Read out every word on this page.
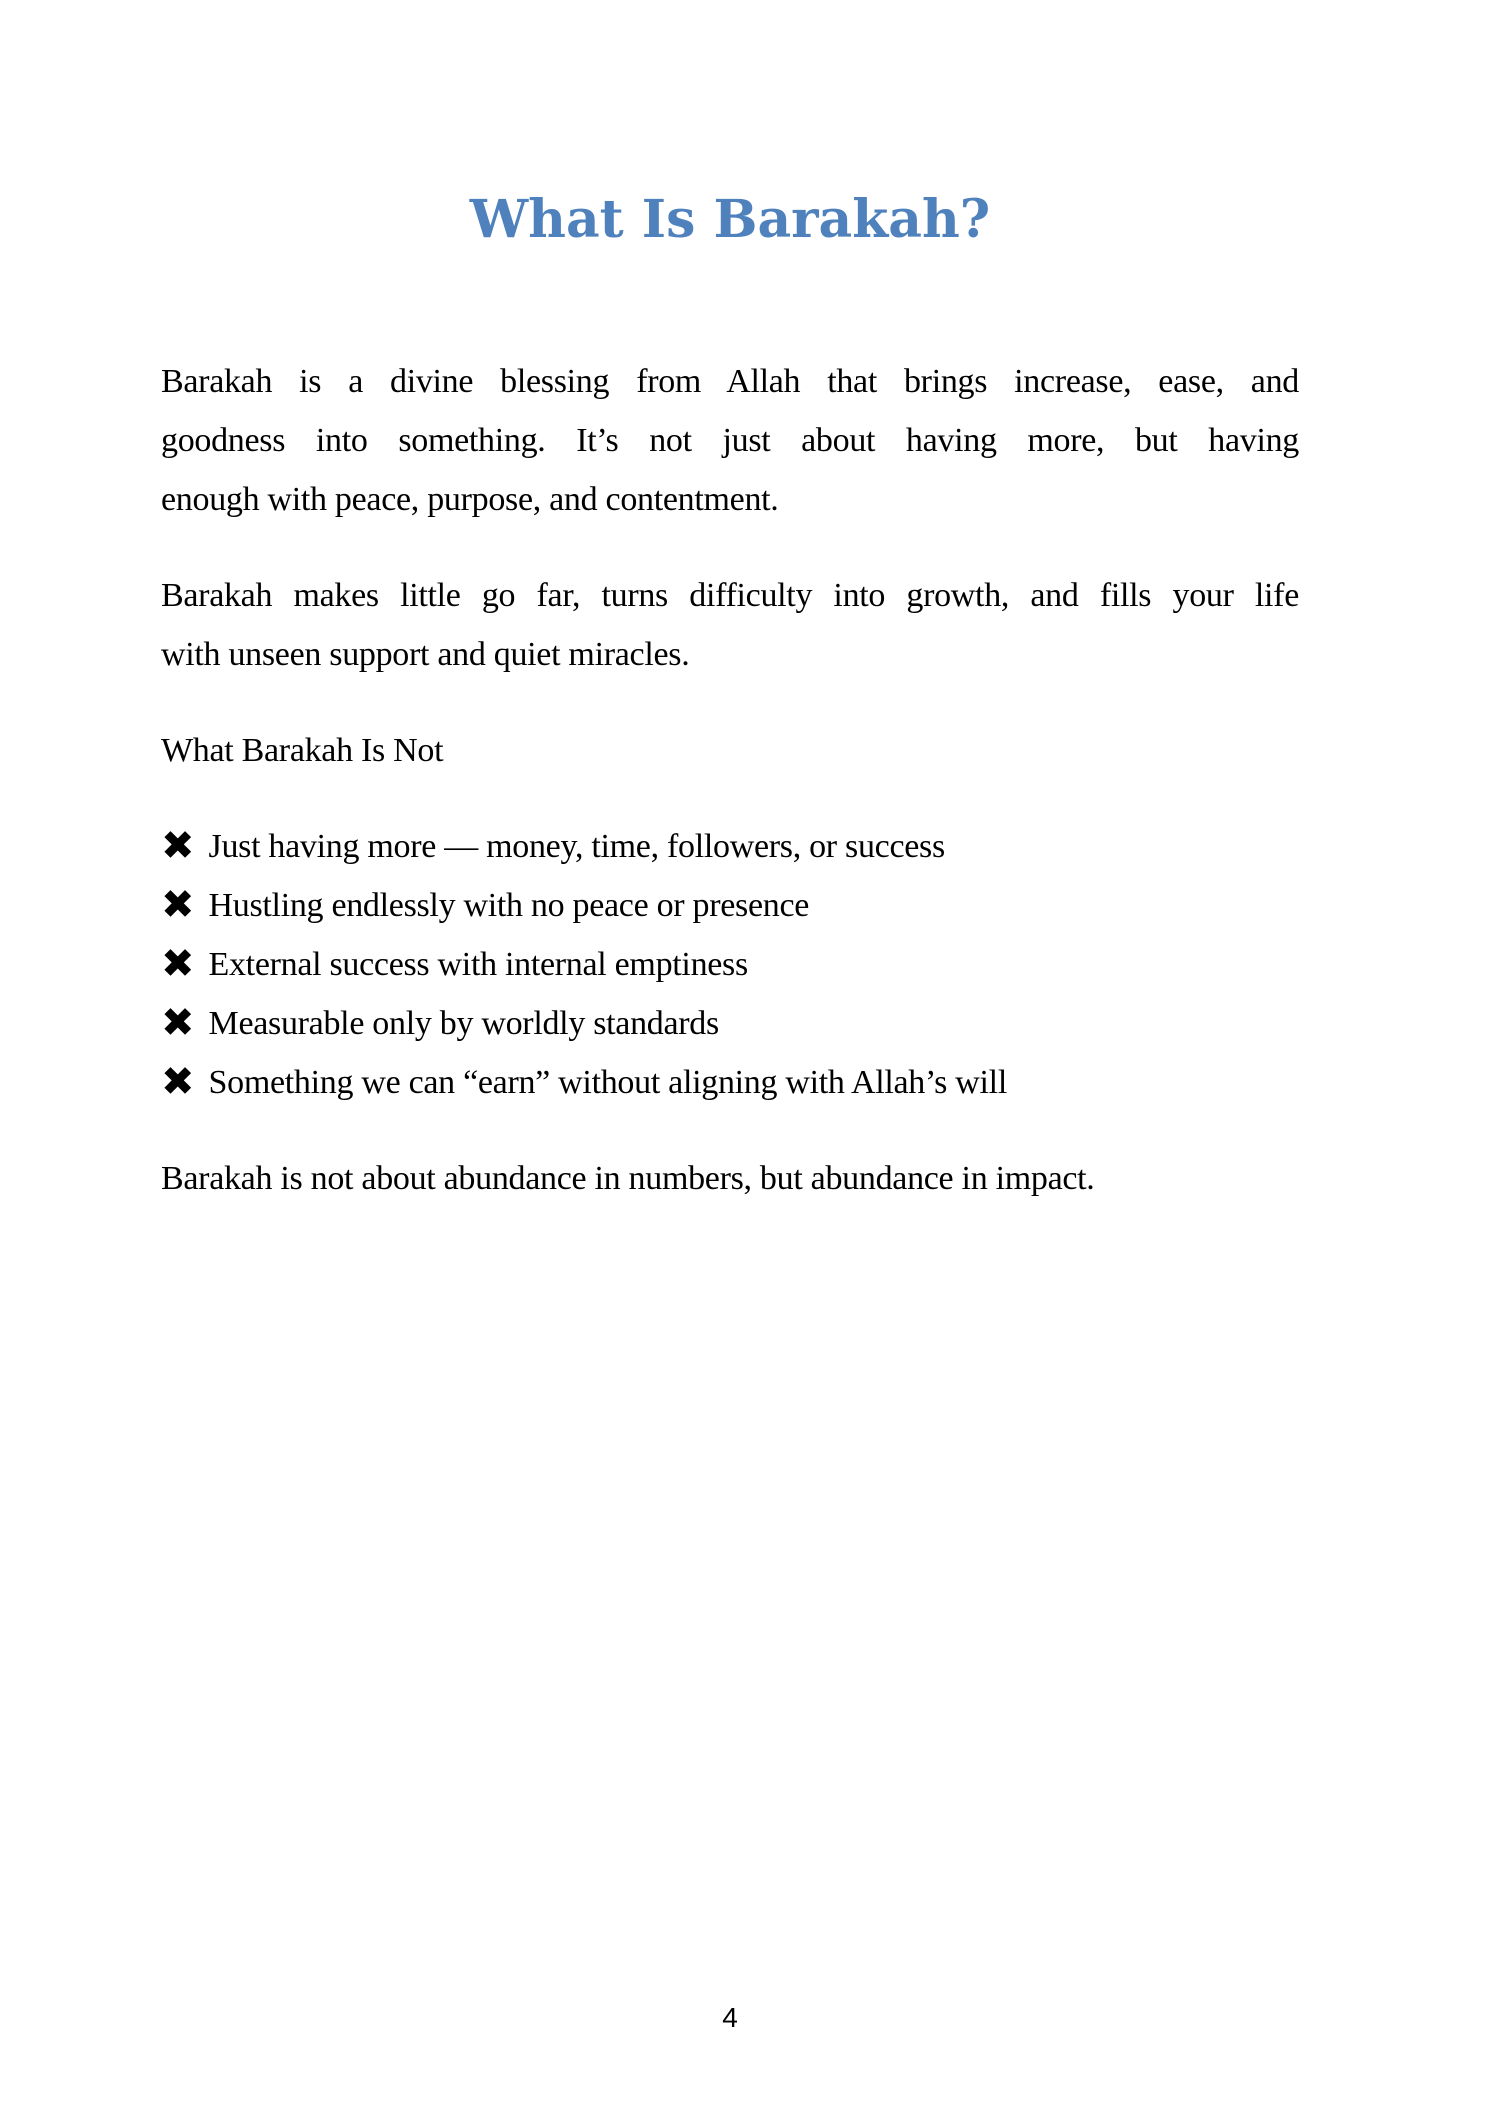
What Is Barakah?
Barakah is a divine blessing from Allah that brings increase, ease, and
goodness into something. It’s not just about having more, but having
enough with peace, purpose, and contentment.
Barakah makes little go far, turns difficulty into growth, and fills your life
with unseen support and quiet miracles.
What Barakah Is Not
✖ Just having more — money, time, followers, or success
✖ Hustling endlessly with no peace or presence
✖ External success with internal emptiness
✖ Measurable only by worldly standards
✖ Something we can “earn” without aligning with Allah’s will
Barakah is not about abundance in numbers, but abundance in impact.
4
